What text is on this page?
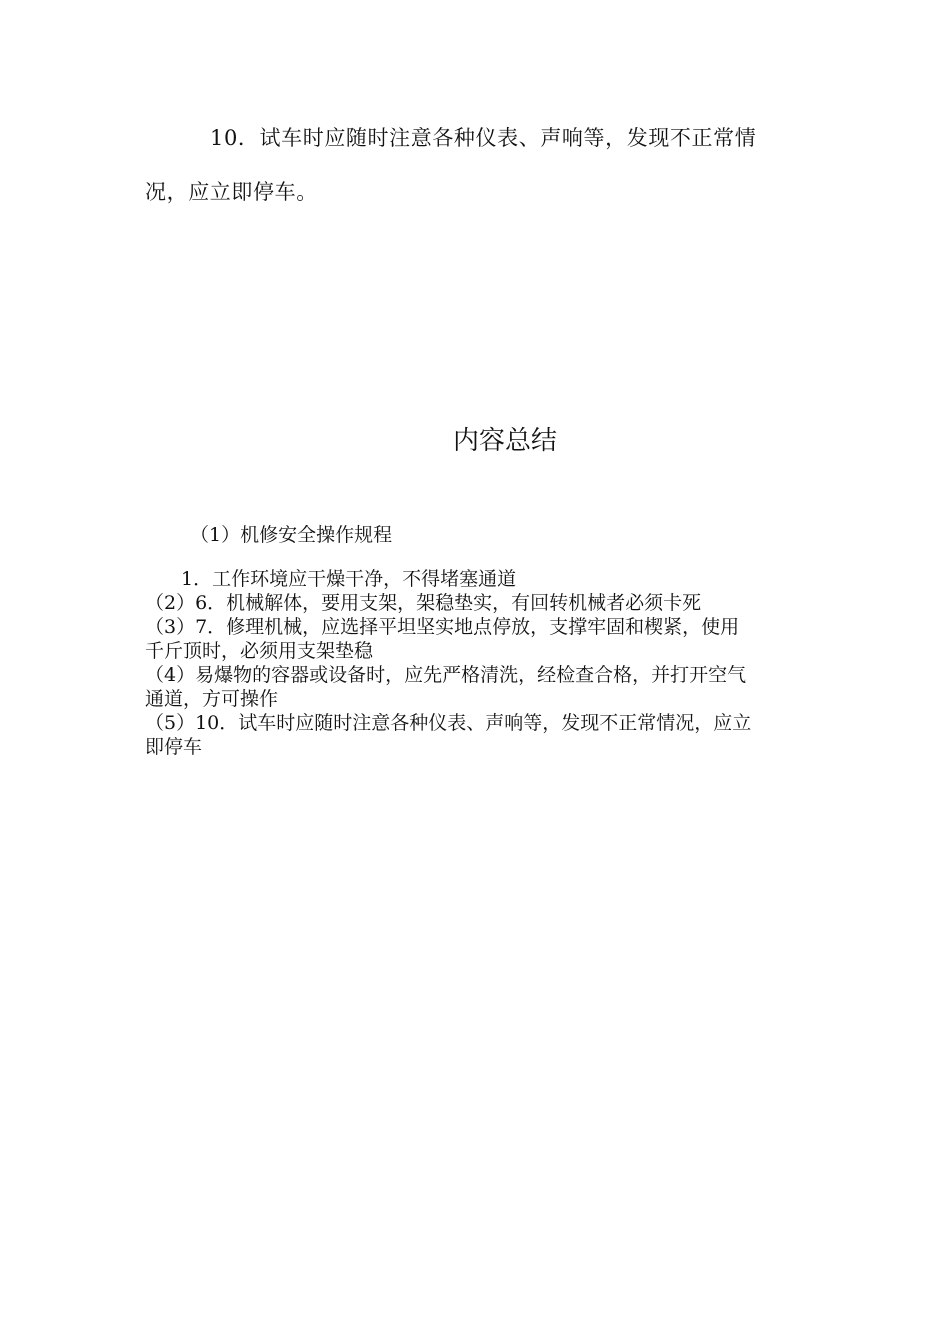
10．试车时应随时注意各种仪表、声响等，发现不正常情

况，应立即停车。

内容总结

（1）机修安全操作规程

1．工作环境应干燥干净，不得堵塞通道
（2）6．机械解体，要用支架，架稳垫实，有回转机械者必须卡死
（3）7．修理机械，应选择平坦坚实地点停放，支撑牢固和楔紧，使用
千斤顶时，必须用支架垫稳
（4）易爆物的容器或设备时，应先严格清洗，经检查合格，并打开空气
通道，方可操作
（5）10．试车时应随时注意各种仪表、声响等，发现不正常情况，应立
即停车
